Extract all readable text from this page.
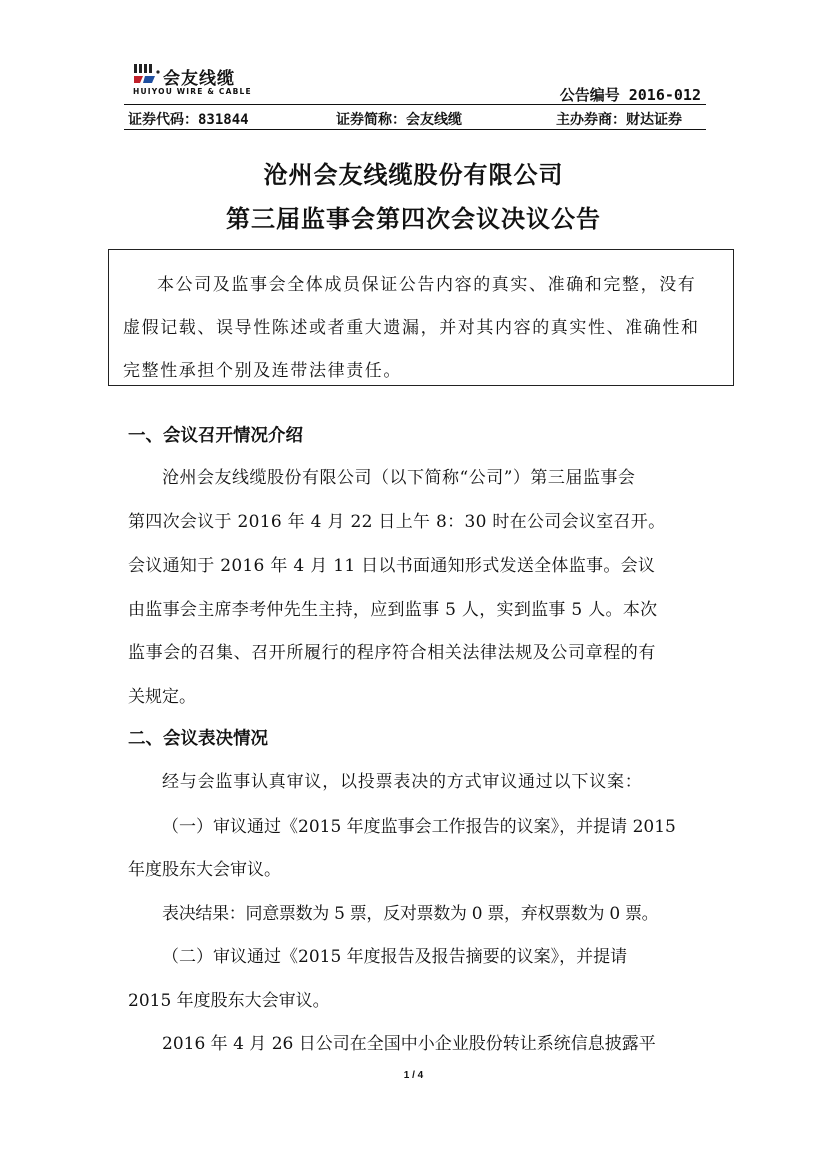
会友线缆
HUIYOU WIRE & CABLE	公告编号 2016-012
证券代码：831844	证券简称：会友线缆	主办券商：财达证券
沧州会友线缆股份有限公司
第三届监事会第四次会议决议公告

本公司及监事会全体成员保证公告内容的真实、准确和完整，没有

虚假记载、误导性陈述或者重大遗漏，并对其内容的真实性、准确性和

完整性承担个别及连带法律责任。

一、会议召开情况介绍
沧州会友线缆股份有限公司（以下简称“公司”）第三届监事会
第四次会议于 2016 年 4 月 22 日上午 8：30 时在公司会议室召开。
会议通知于 2016 年 4 月 11 日以书面通知形式发送全体监事。会议
由监事会主席李考仲先生主持，应到监事 5 人，实到监事 5 人。本次
监事会的召集、召开所履行的程序符合相关法律法规及公司章程的有
关规定。
二、会议表决情况
经与会监事认真审议，以投票表决的方式审议通过以下议案：
（一）审议通过《2015 年度监事会工作报告的议案》，并提请 2015
年度股东大会审议。
表决结果：同意票数为 5 票，反对票数为 0 票，弃权票数为 0 票。
（二）审议通过《2015 年度报告及报告摘要的议案》，并提请
2015 年度股东大会审议。
2016 年 4 月 26 日公司在全国中小企业股份转让系统信息披露平
1 / 4
